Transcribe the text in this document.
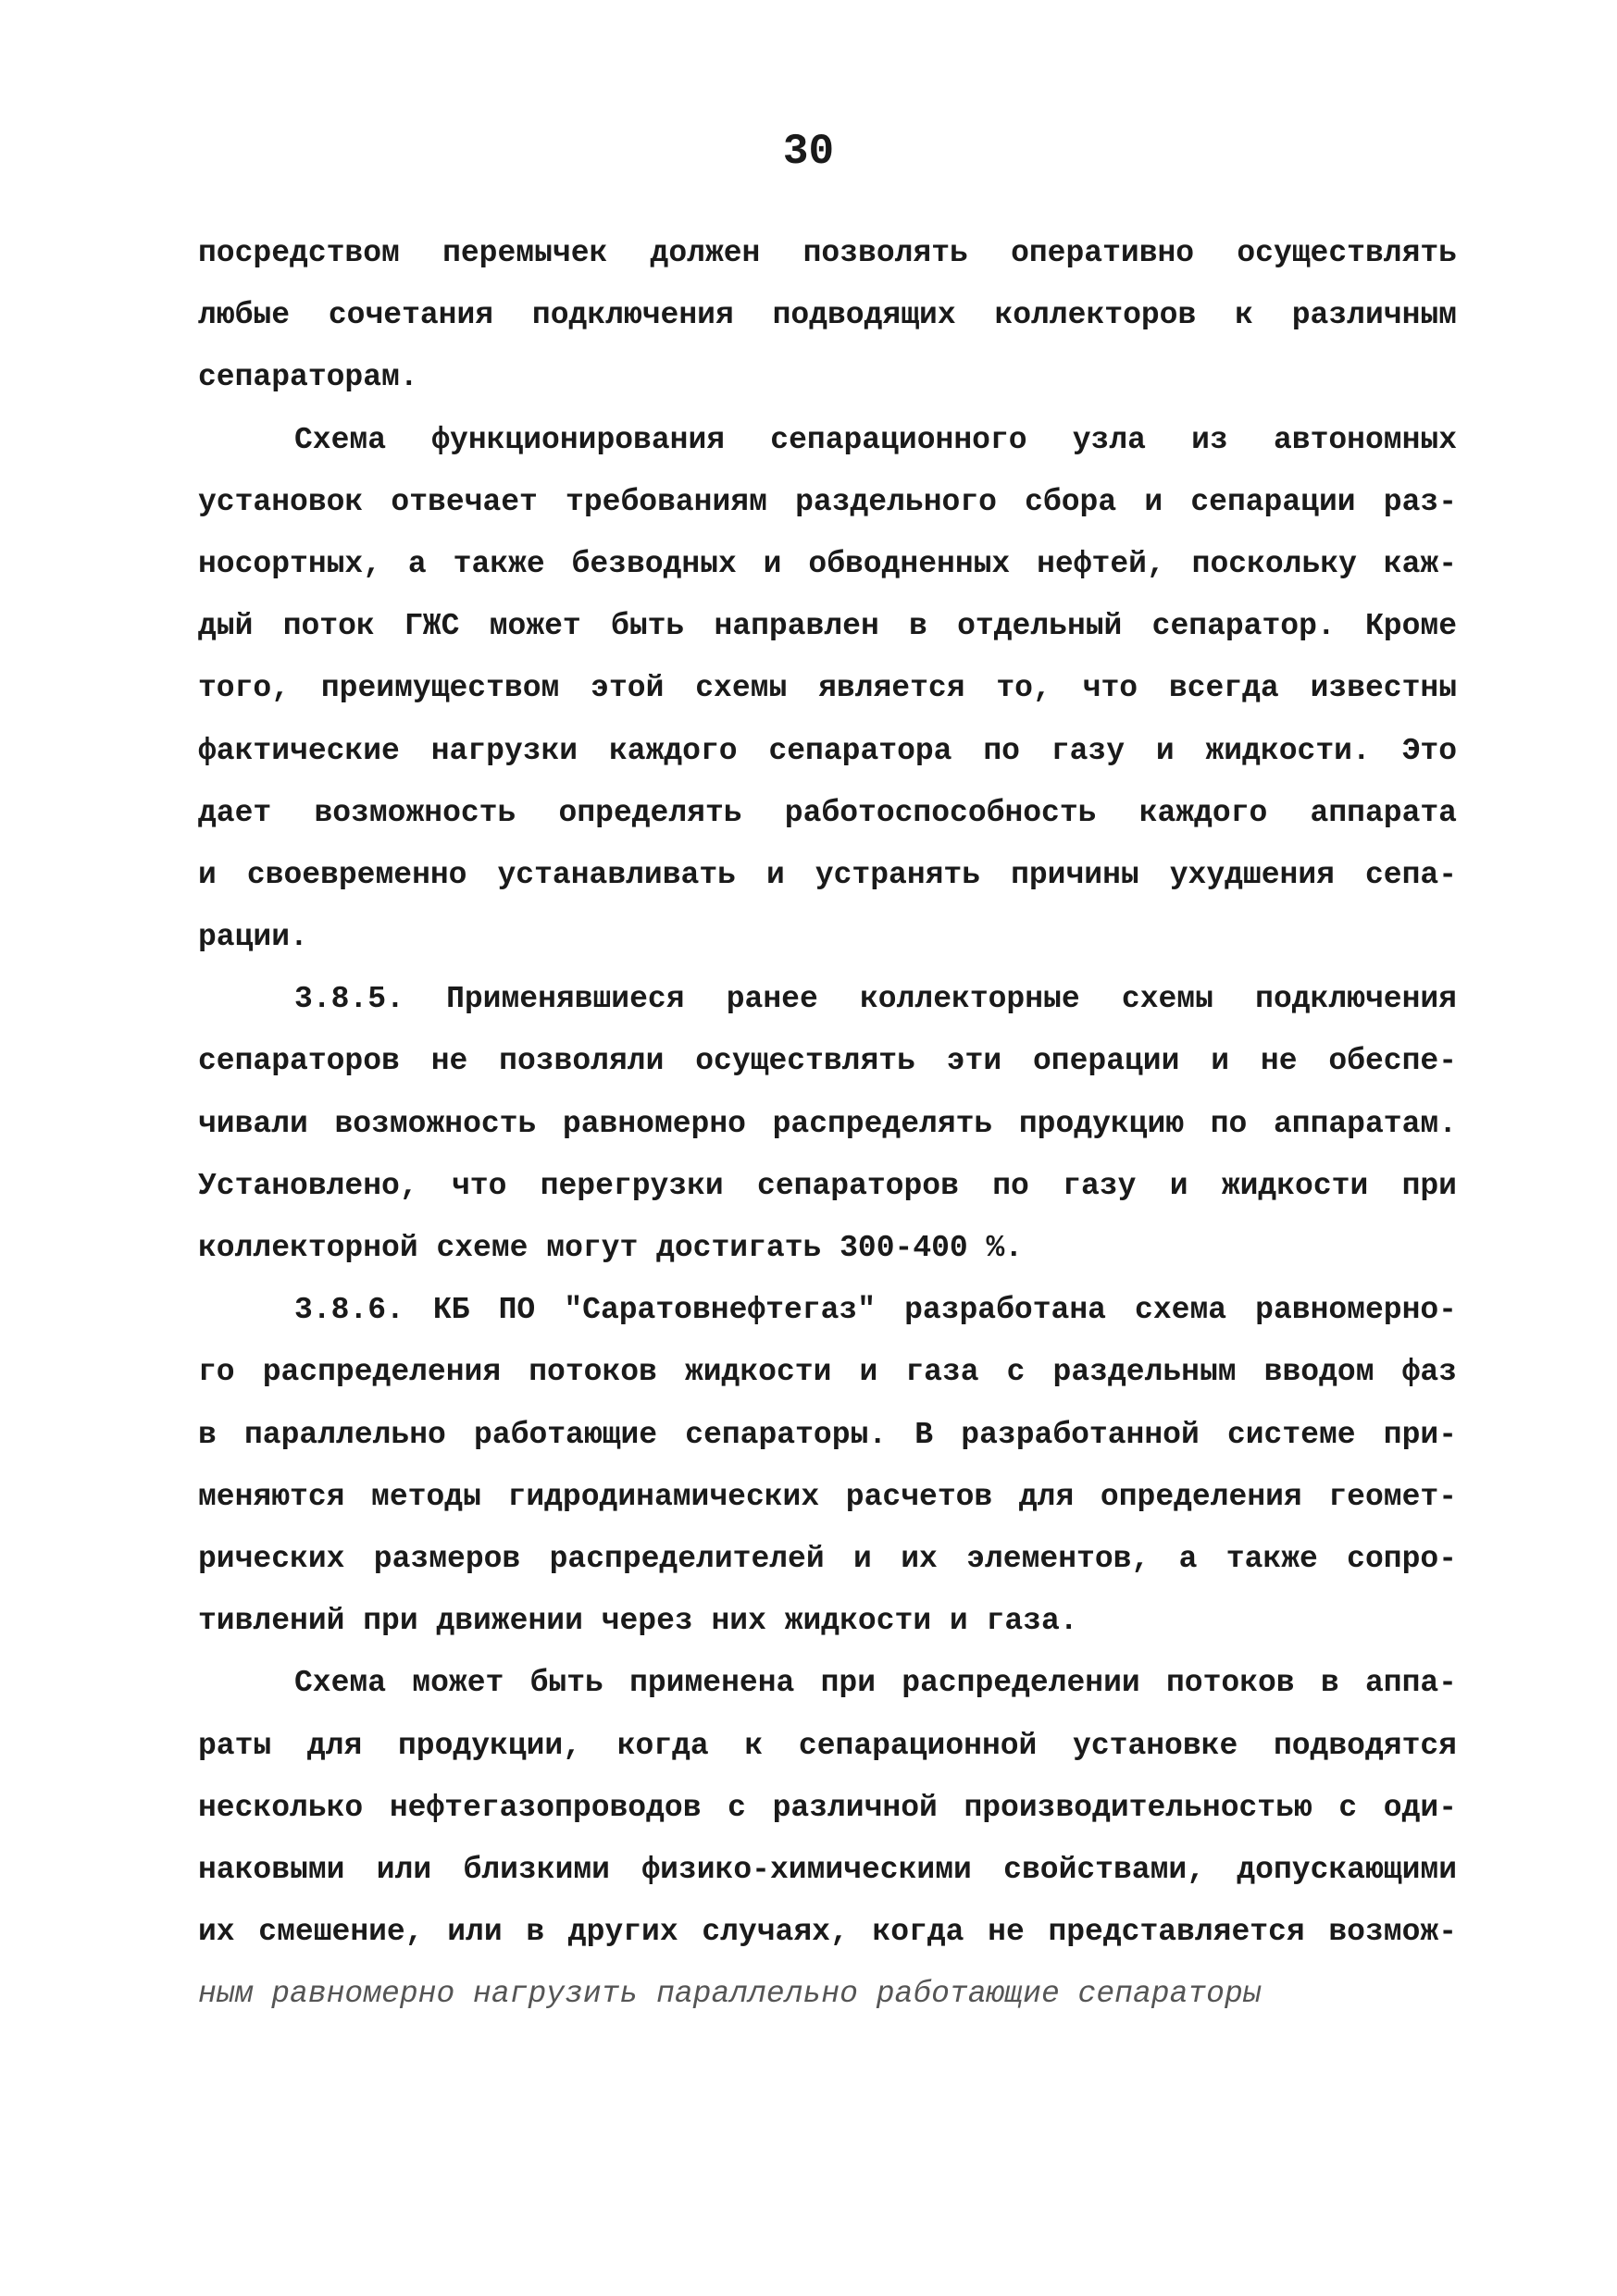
30
посредством перемычек должен позволять оперативно осуществлять
любые сочетания подключения подводящих коллекторов к различным
сепараторам.
Схема функционирования сепарационного узла из автономных
установок отвечает требованиям раздельного сбора и сепарации раз-
носортных, а также безводных и обводненных нефтей, поскольку каж-
дый поток ГЖС может быть направлен в отдельный сепаратор. Кроме
того, преимуществом этой схемы является то, что всегда известны
фактические нагрузки каждого сепаратора по газу и жидкости. Это
дает возможность определять работоспособность каждого аппарата
и своевременно устанавливать и устранять причины ухудшения сепа-
рации.
3.8.5. Применявшиеся ранее коллекторные схемы подключения
сепараторов не позволяли осуществлять эти операции и не обеспе-
чивали возможность равномерно распределять продукцию по аппаратам.
Установлено, что перегрузки сепараторов по газу и жидкости при
коллекторной схеме могут достигать 300-400 %.
3.8.6. КБ ПО "Саратовнефтегаз" разработана схема равномерно-
го распределения потоков жидкости и газа с раздельным вводом фаз
в параллельно работающие сепараторы. В разработанной системе при-
меняются методы гидродинамических расчетов для определения геомет-
рических размеров распределителей и их элементов, а также сопро-
тивлений при движении через них жидкости и газа.
Схема может быть применена при распределении потоков в аппа-
раты для продукции, когда к сепарационной установке подводятся
несколько нефтегазопроводов с различной производительностью с оди-
наковыми или близкими физико-химическими свойствами, допускающими
их смешение, или в других случаях, когда не представляется возмож-
ным равномерно нагрузить параллельно работающие сепараторы
